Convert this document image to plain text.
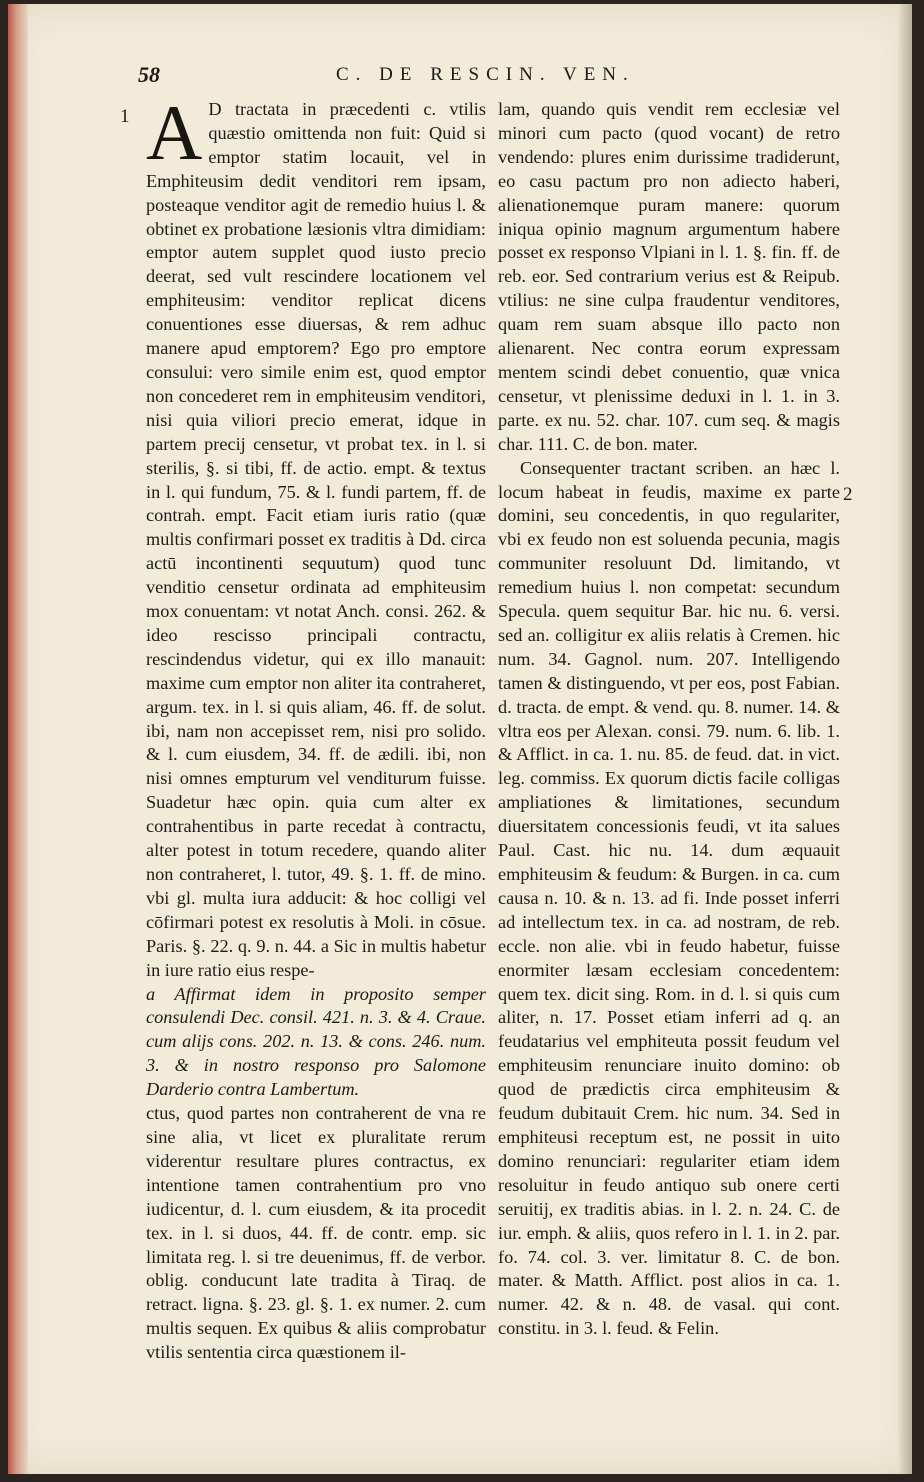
58	C. DE RESCIN. VEN.
1
2

A D tractata in præcedenti c. vtilis quæstio omittenda non fuit: Quid si emptor statim locauit, vel in Emphiteusim dedit venditori rem ipsam, posteaque venditor agit de remedio huius l. & obtinet ex probatione læsionis vltra dimidiam: emptor autem supplet quod iusto precio deerat, sed vult rescindere locationem vel emphiteusim: venditor replicat dicens conuentiones esse diuersas, & rem adhuc manere apud emptorem? Ego pro emptore consului: vero simile enim est, quod emptor non concederet rem in emphiteusim venditori, nisi quia viliori precio emerat, idque in partem precij censetur, vt probat tex. in l. si sterilis, §. si tibi, ff. de actio. empt. & textus in l. qui fundum, 75. & l. fundi partem, ff. de contrah. empt. Facit etiam iuris ratio (quæ multis confirmari posset ex traditis à Dd. circa actū incontinenti sequutum) quod tunc venditio censetur ordinata ad emphiteusim mox conuentam: vt notat Anch. consi. 262. & ideo rescisso principali contractu, rescindendus videtur, qui ex illo manauit: maxime cum emptor non aliter ita contraheret, argum. tex. in l. si quis aliam, 46. ff. de solut. ibi, nam non accepisset rem, nisi pro solido. & l. cum eiusdem, 34. ff. de ædili. ibi, non nisi omnes empturum vel venditurum fuisse. Suadetur hæc opin. quia cum alter ex contrahentibus in parte recedat à contractu, alter potest in totum recedere, quando aliter non contraheret, l. tutor, 49. §. 1. ff. de mino. vbi gl. multa iura adducit: & hoc colligi vel cōfirmari potest ex resolutis à Moli. in cōsue. Paris. §. 22. q. 9. n. 44. a Sic in multis habetur in iure ratio eius respe-

a Affirmat idem in proposito semper consulendi Dec. consil. 421. n. 3. & 4. Craue. cum alijs cons. 202. n. 13. & cons. 246. num. 3. & in nostro responso pro Salomone Darderio contra Lambertum.

ctus, quod partes non contraherent de vna re sine alia, vt licet ex pluralitate rerum viderentur resultare plures contractus, ex intentione tamen contrahentium pro vno iudicentur, d. l. cum eiusdem, & ita procedit tex. in l. si duos, 44. ff. de contr. emp. sic limitata reg. l. si tre deuenimus, ff. de verbor. oblig. conducunt late tradita à Tiraq. de retract. ligna. §. 23. gl. §. 1. ex numer. 2. cum multis sequen. Ex quibus & aliis comprobatur vtilis sententia circa quæstionem il-

lam, quando quis vendit rem ecclesiæ vel minori cum pacto (quod vocant) de retro vendendo: plures enim durissime tradiderunt, eo casu pactum pro non adiecto haberi, alienationemque puram manere: quorum iniqua opinio magnum argumentum habere posset ex responso Vlpiani in l. 1. §. fin. ff. de reb. eor. Sed contrarium verius est & Reipub. vtilius: ne sine culpa fraudentur venditores, quam rem suam absque illo pacto non alienarent. Nec contra eorum expressam mentem scindi debet conuentio, quæ vnica censetur, vt plenissime deduxi in l. 1. in 3. parte. ex nu. 52. char. 107. cum seq. & magis char. 111. C. de bon. mater.

Consequenter tractant scriben. an hæc l. locum habeat in feudis, maxime ex parte domini, seu concedentis, in quo regulariter, vbi ex feudo non est soluenda pecunia, magis communiter resoluunt Dd. limitando, vt remedium huius l. non competat: secundum Specula. quem sequitur Bar. hic nu. 6. versi. sed an. colligitur ex aliis relatis à Cremen. hic num. 34. Gagnol. num. 207. Intelligendo tamen & distinguendo, vt per eos, post Fabian. d. tracta. de empt. & vend. qu. 8. numer. 14. & vltra eos per Alexan. consi. 79. num. 6. lib. 1. & Afflict. in ca. 1. nu. 85. de feud. dat. in vict. leg. commiss. Ex quorum dictis facile colligas ampliationes & limitationes, secundum diuersitatem concessionis feudi, vt ita salues Paul. Cast. hic nu. 14. dum æquauit emphiteusim & feudum: & Burgen. in ca. cum causa n. 10. & n. 13. ad fi. Inde posset inferri ad intellectum tex. in ca. ad nostram, de reb. eccle. non alie. vbi in feudo habetur, fuisse enormiter læsam ecclesiam concedentem: quem tex. dicit sing. Rom. in d. l. si quis cum aliter, n. 17. Posset etiam inferri ad q. an feudatarius vel emphiteuta possit feudum vel emphiteusim renunciare inuito domino: ob quod de prædictis circa emphiteusim & feudum dubitauit Crem. hic num. 34. Sed in emphiteusi receptum est, ne possit in uito domino renunciari: regulariter etiam idem resoluitur in feudo antiquo sub onere certi seruitij, ex traditis abias. in l. 2. n. 24. C. de iur. emph. & aliis, quos refero in l. 1. in 2. par. fo. 74. col. 3. ver. limitatur 8. C. de bon. mater. & Matth. Afflict. post alios in ca. 1. numer. 42. & n. 48. de vasal. qui cont. constitu. in 3. l. feud. & Felin.
